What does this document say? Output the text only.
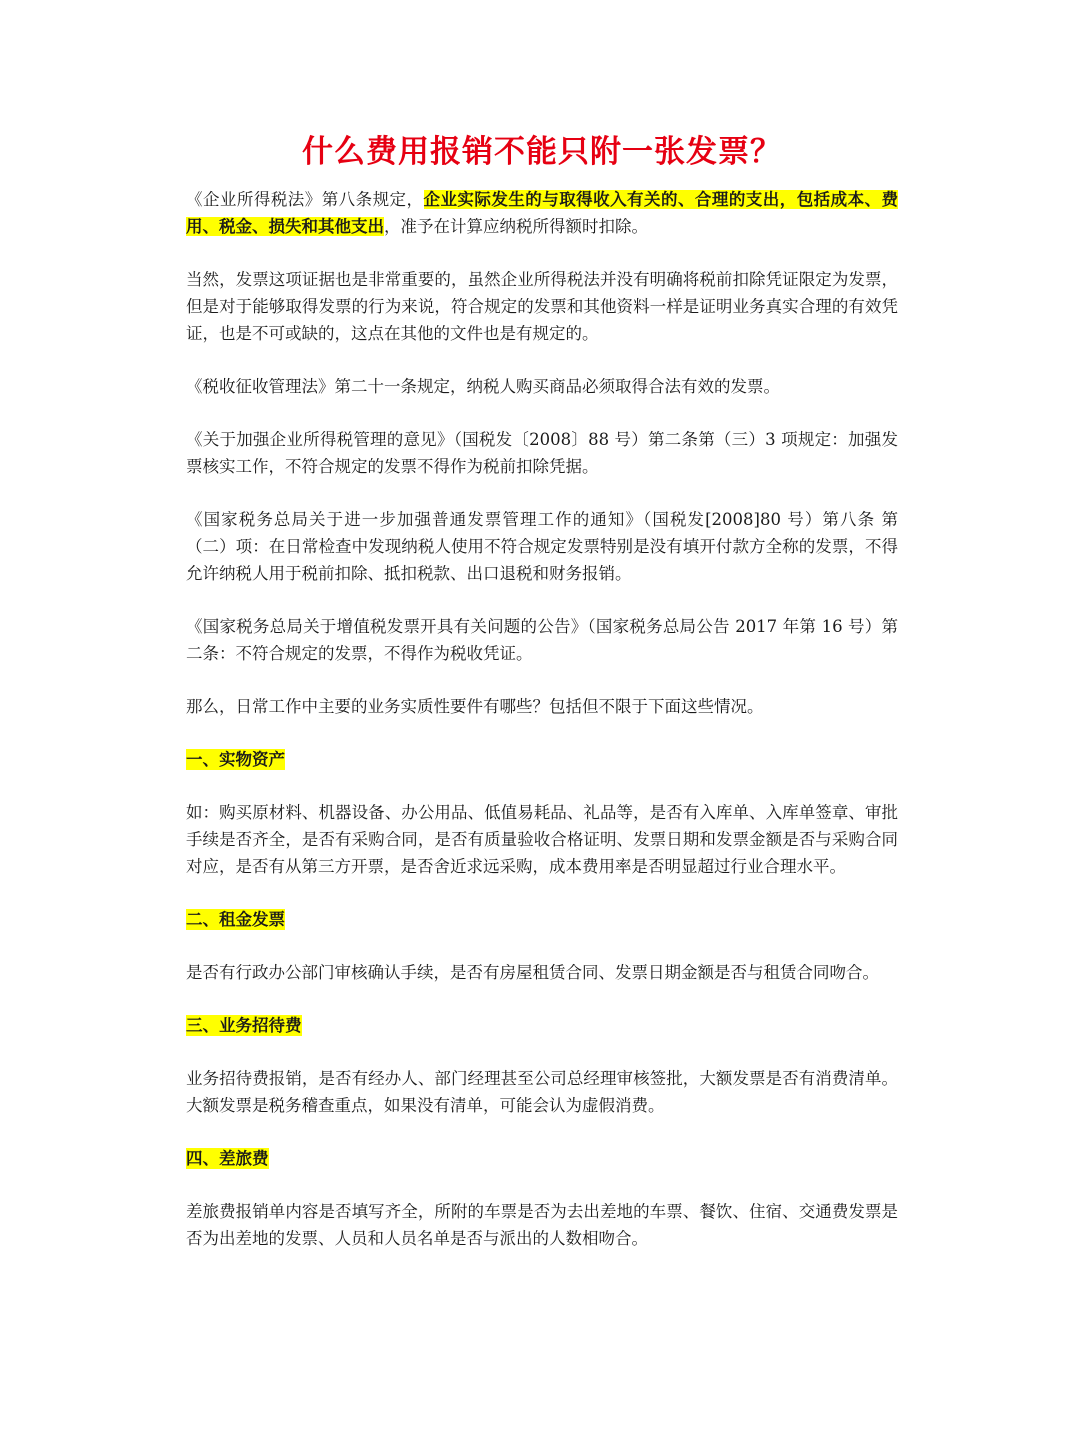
什么费用报销不能只附一张发票？

《企业所得税法》第八条规定，企业实际发生的与取得收入有关的、合理的支出，包括成本、费用、税金、损失和其他支出，准予在计算应纳税所得额时扣除。

当然，发票这项证据也是非常重要的，虽然企业所得税法并没有明确将税前扣除凭证限定为发票，但是对于能够取得发票的行为来说，符合规定的发票和其他资料一样是证明业务真实合理的有效凭证，也是不可或缺的，这点在其他的文件也是有规定的。

《税收征收管理法》第二十一条规定，纳税人购买商品必须取得合法有效的发票。

《关于加强企业所得税管理的意见》（国税发〔2008〕88 号）第二条第（三）3 项规定：加强发票核实工作，不符合规定的发票不得作为税前扣除凭据。

《国家税务总局关于进一步加强普通发票管理工作的通知》（国税发[2008]80 号）第八条 第（二）项：在日常检查中发现纳税人使用不符合规定发票特别是没有填开付款方全称的发票，不得允许纳税人用于税前扣除、抵扣税款、出口退税和财务报销。

《国家税务总局关于增值税发票开具有关问题的公告》（国家税务总局公告 2017 年第 16 号）第二条：不符合规定的发票，不得作为税收凭证。

那么，日常工作中主要的业务实质性要件有哪些？包括但不限于下面这些情况。

一、实物资产

如：购买原材料、机器设备、办公用品、低值易耗品、礼品等，是否有入库单、入库单签章、审批手续是否齐全，是否有采购合同，是否有质量验收合格证明、发票日期和发票金额是否与采购合同对应，是否有从第三方开票，是否舍近求远采购，成本费用率是否明显超过行业合理水平。

二、租金发票

是否有行政办公部门审核确认手续，是否有房屋租赁合同、发票日期金额是否与租赁合同吻合。

三、业务招待费

业务招待费报销，是否有经办人、部门经理甚至公司总经理审核签批，大额发票是否有消费清单。大额发票是税务稽查重点，如果没有清单，可能会认为虚假消费。

四、差旅费

差旅费报销单内容是否填写齐全，所附的车票是否为去出差地的车票、餐饮、住宿、交通费发票是否为出差地的发票、人员和人员名单是否与派出的人数相吻合。
